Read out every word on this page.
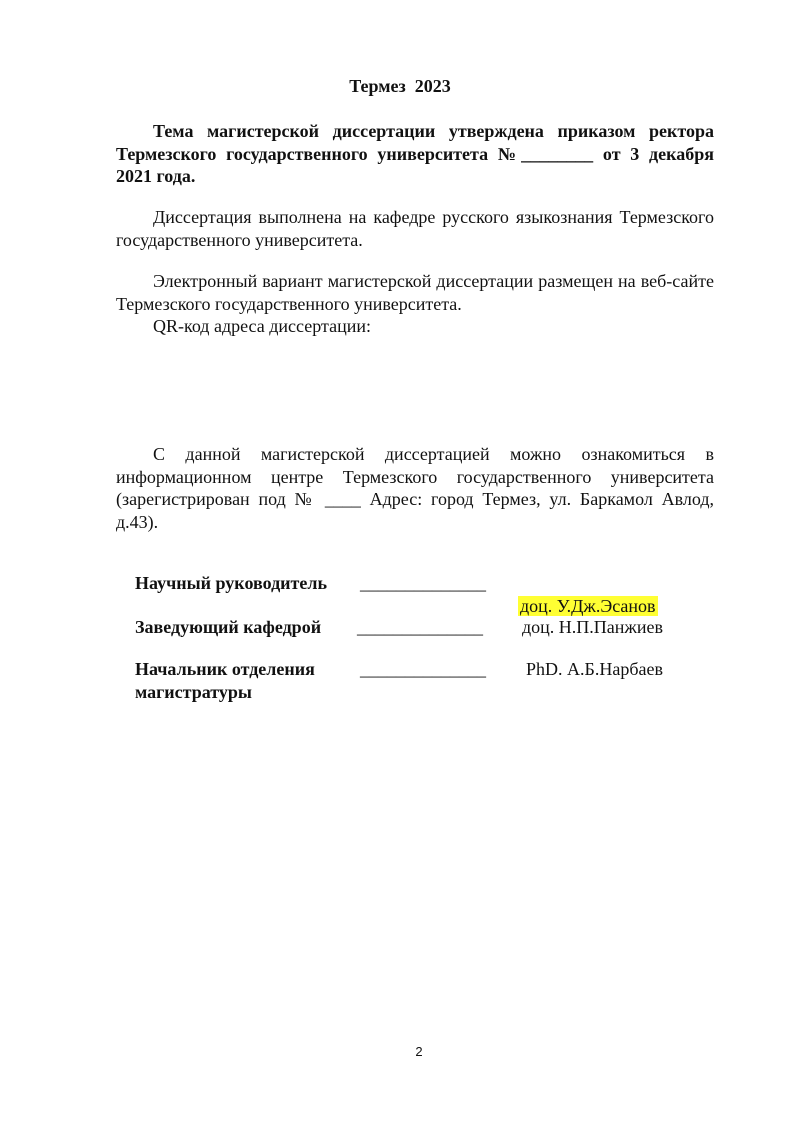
Термез  2023
Тема магистерской диссертации утверждена приказом ректора Термезского государственного университета №________ от 3 декабря 2021 года.
Диссертация выполнена на кафедре русского языкознания Термезского государственного университета.
Электронный вариант магистерской диссертации размещен на веб-сайте Термезского государственного университета.
QR-код адреса диссертации:
С данной магистерской диссертацией можно ознакомиться в информационном центре Термезского государственного университета (зарегистрирован под № ____ Адрес: город Термез, ул. Баркамол Авлод, д.43).
Научный руководитель ______________

доц. У.Дж.Эсанов

Заведующий кафедрой ______________ доц. Н.П.Панжиев
Начальник отделения магистратуры
______________ PhD. А.Б.Нарбаев
2
